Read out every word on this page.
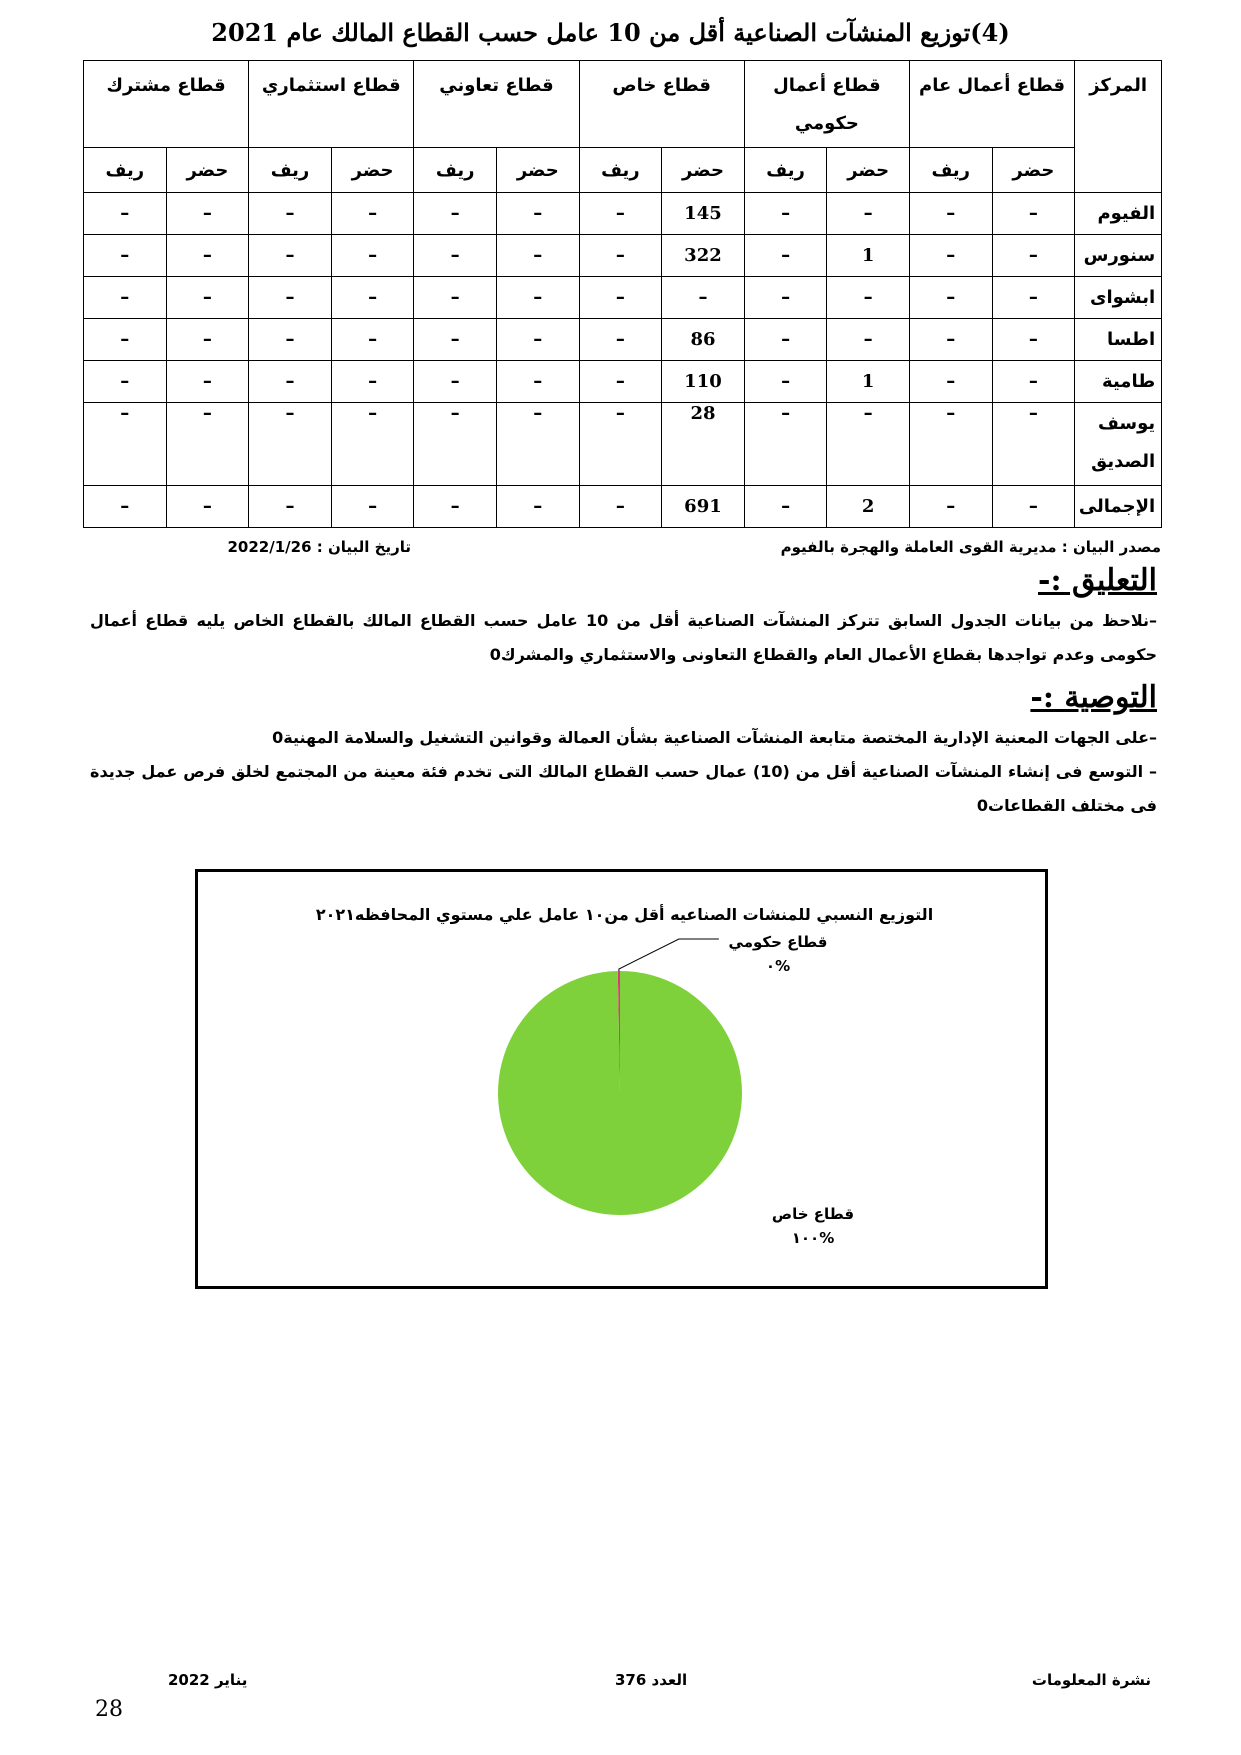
(4)توزيع المنشآت الصناعية أقل من 10 عامل حسب القطاع المالك عام 2021
المركز	قطاع أعمال عام		قطاع أعمال حكومي		قطاع خاص		قطاع تعاوني		قطاع استثماري		قطاع مشترك	
	حضر	ريف	حضر	ريف	حضر	ريف	حضر	ريف	حضر	ريف	حضر	ريف
الفيوم	–	–	–	–	145	–	–	–	–	–	–	–
سنورس	–	–	1	–	322	–	–	–	–	–	–	–
ابشواى	–	–	–	–	–	–	–	–	–	–	–	–
اطسا	–	–	–	–	86	–	–	–	–	–	–	–
طامية	–	–	1	–	110	–	–	–	–	–	–	–
يوسف الصديق	–	–	–	–	28	–	–	–	–	–	–	–
الإجمالى	–	–	2	–	691	–	–	–	–	–	–	–
مصدر البيان : مديرية القوى العاملة والهجرة بالفيوم
تاريخ البيان : 2022/1/26
التعليق :-
–نلاحظ من بيانات الجدول السابق تتركز المنشآت الصناعية أقل من 10 عامل حسب القطاع المالك بالقطاع الخاص يليه قطاع أعمال حكومى وعدم تواجدها بقطاع الأعمال العام والقطاع التعاونى والاستثماري والمشرك0
التوصية :-
–على الجهات المعنية الإدارية المختصة متابعة المنشآت الصناعية بشأن العمالة وقوانين التشغيل والسلامة المهنية0
– التوسع فى إنشاء المنشآت الصناعية أقل من (10) عمال حسب القطاع المالك التى تخدم فئة معينة من المجتمع لخلق فرص عمل جديدة فى مختلف القطاعات0
التوزيع النسبي للمنشات الصناعيه أقل من١٠ عامل علي مستوي المحافظه٢٠٢١
قطاع حكومي
%٠
قطاع خاص
%١٠٠
نشرة المعلومات
العدد 376
يناير 2022
28
